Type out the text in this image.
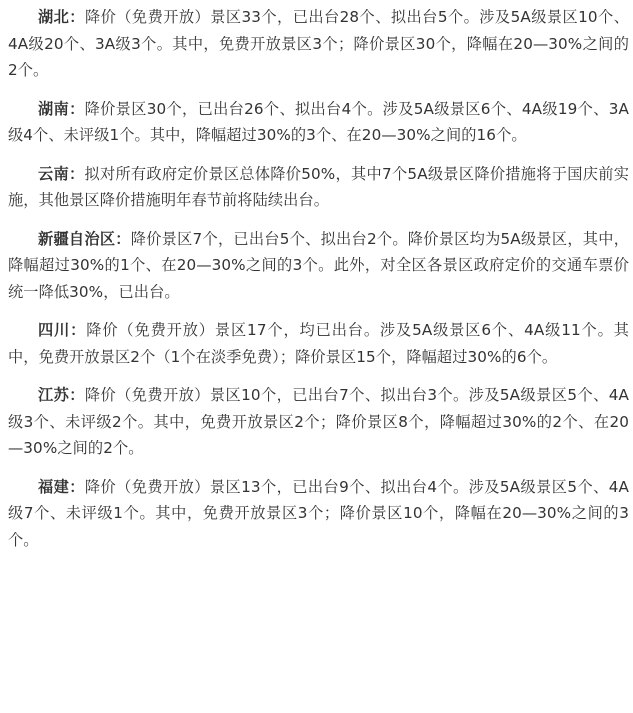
湖北：降价（免费开放）景区33个，已出台28个、拟出台5个。涉及5A级景区10个、4A级20个、3A级3个。其中，免费开放景区3个；降价景区30个，降幅在20—30%之间的2个。

湖南：降价景区30个，已出台26个、拟出台4个。涉及5A级景区6个、4A级19个、3A级4个、未评级1个。其中，降幅超过30%的3个、在20—30%之间的16个。

云南：拟对所有政府定价景区总体降价50%，其中7个5A级景区降价措施将于国庆前实施，其他景区降价措施明年春节前将陆续出台。

新疆自治区：降价景区7个，已出台5个、拟出台2个。降价景区均为5A级景区，其中，降幅超过30%的1个、在20—30%之间的3个。此外，对全区各景区政府定价的交通车票价统一降低30%，已出台。

四川：降价（免费开放）景区17个，均已出台。涉及5A级景区6个、4A级11个。其中，免费开放景区2个（1个在淡季免费）；降价景区15个，降幅超过30%的6个。

江苏：降价（免费开放）景区10个，已出台7个、拟出台3个。涉及5A级景区5个、4A级3个、未评级2个。其中，免费开放景区2个；降价景区8个，降幅超过30%的2个、在20—30%之间的2个。

福建：降价（免费开放）景区13个，已出台9个、拟出台4个。涉及5A级景区5个、4A级7个、未评级1个。其中，免费开放景区3个；降价景区10个，降幅在20—30%之间的3个。
